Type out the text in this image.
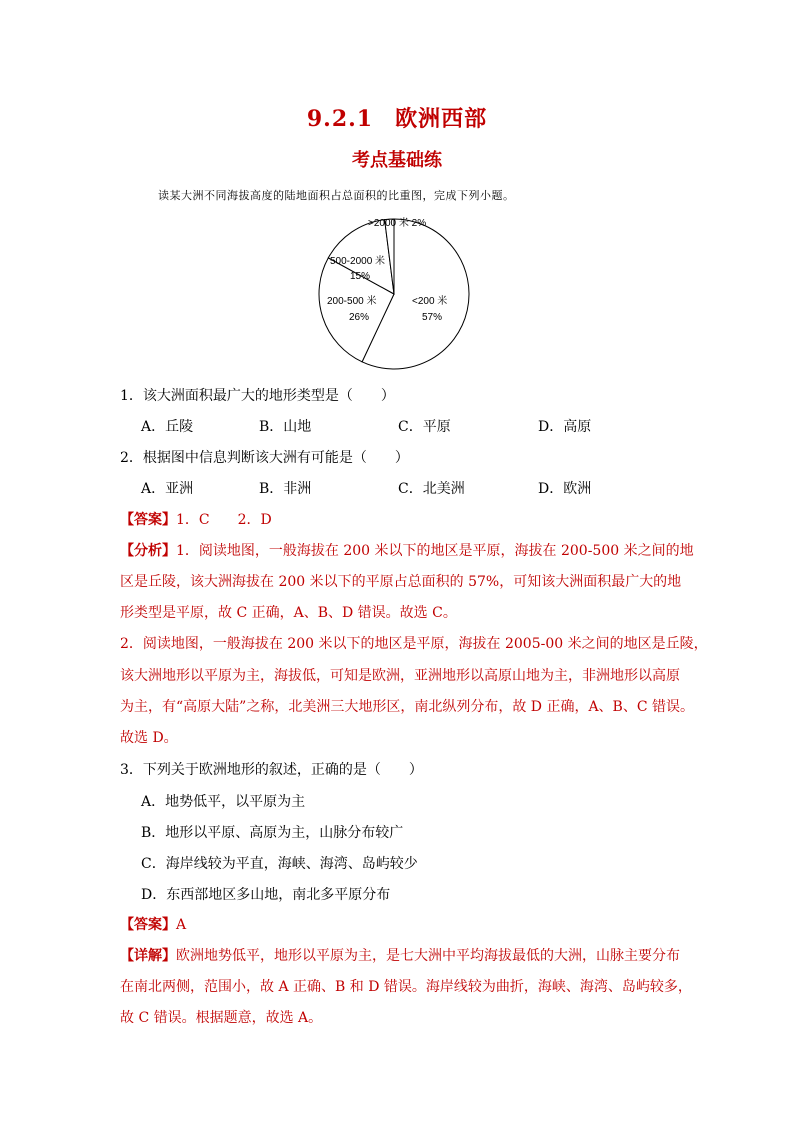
9.2.1 欧洲西部
考点基础练
读某大洲不同海拔高度的陆地面积占总面积的比重图，完成下列小题。
>2000 米 2%
500-2000 米
15%
200-500 米
26%
<200 米
57%
1．该大洲面积最广大的地形类型是（　　）
A．丘陵	B．山地	C．平原	D．高原
2．根据图中信息判断该大洲有可能是（　　）
A．亚洲	B．非洲	C．北美洲	D．欧洲
【答案】1．C　　2．D
【分析】1．阅读地图，一般海拔在 200 米以下的地区是平原，海拔在 200-500 米之间的地
区是丘陵，该大洲海拔在 200 米以下的平原占总面积的 57%，可知该大洲面积最广大的地
形类型是平原，故 C 正确，A、B、D 错误。故选 C。
2．阅读地图，一般海拔在 200 米以下的地区是平原，海拔在 2005-00 米之间的地区是丘陵，
该大洲地形以平原为主，海拔低，可知是欧洲，亚洲地形以高原山地为主，非洲地形以高原
为主，有“高原大陆”之称，北美洲三大地形区，南北纵列分布，故 D 正确，A、B、C 错误。
故选 D。
3．下列关于欧洲地形的叙述，正确的是（　　）
A．地势低平，以平原为主
B．地形以平原、高原为主，山脉分布较广
C．海岸线较为平直，海峡、海湾、岛屿较少
D．东西部地区多山地，南北多平原分布
【答案】A
【详解】欧洲地势低平，地形以平原为主，是七大洲中平均海拔最低的大洲，山脉主要分布
在南北两侧，范围小，故 A 正确、B 和 D 错误。海岸线较为曲折，海峡、海湾、岛屿较多，
故 C 错误。根据题意，故选 A。
